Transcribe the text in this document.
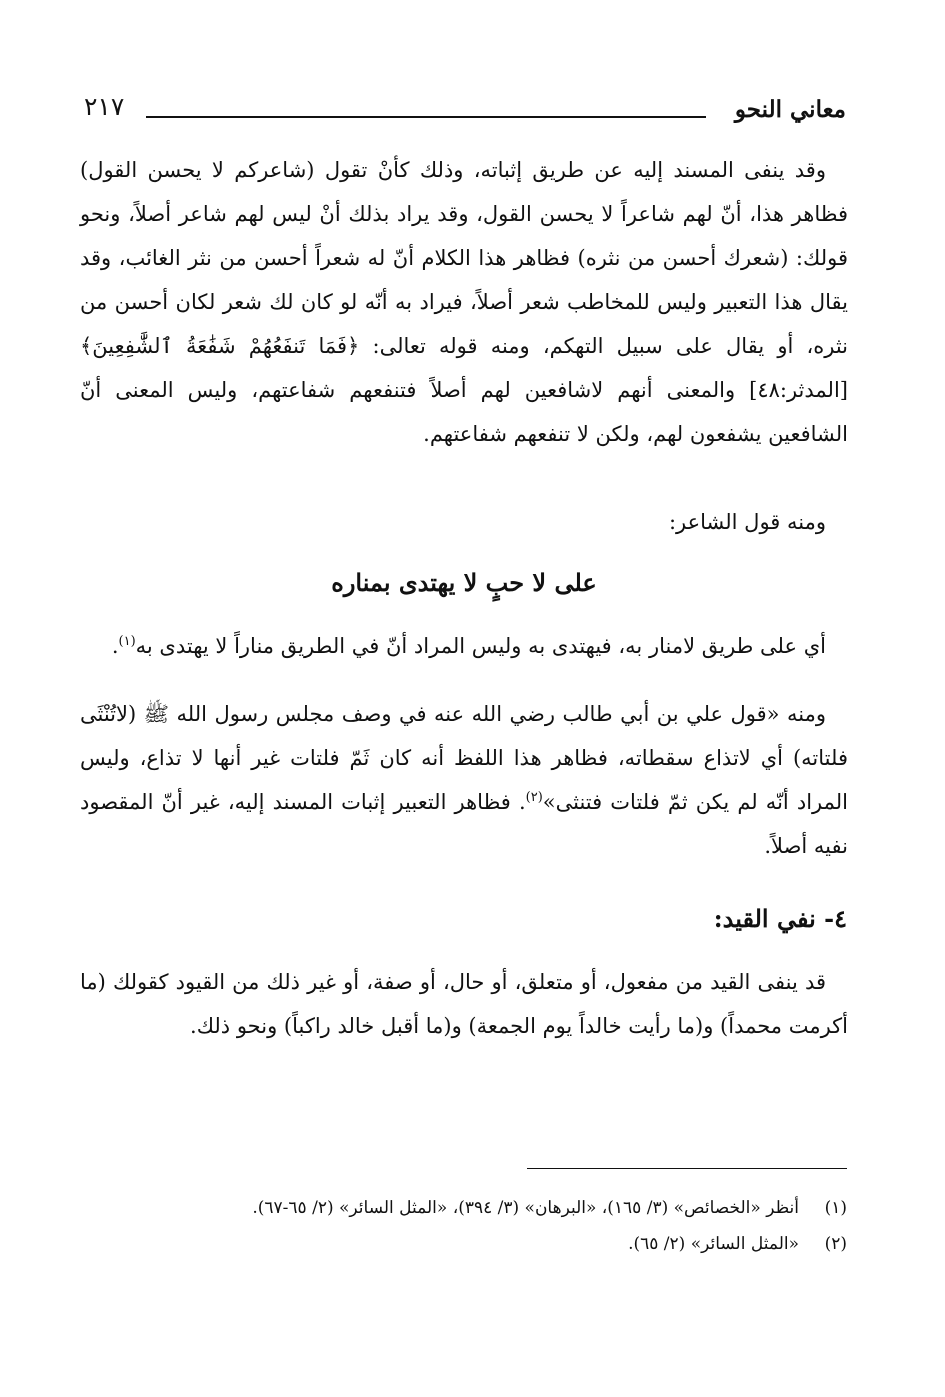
معاني النحو
٢١٧

وقد ينفى المسند إليه عن طريق إثباته، وذلك كأنْ تقول (شاعركم لا يحسن القول) فظاهر هذا، أنّ لهم شاعراً لا يحسن القول، وقد يراد بذلك أنْ ليس لهم شاعر أصلاً، ونحو قولك: (شعرك أحسن من نثره) فظاهر هذا الكلام أنّ له شعراً أحسن من نثر الغائب، وقد يقال هذا التعبير وليس للمخاطب شعر أصلاً، فيراد به أنّه لو كان لك شعر لكان أحسن من نثره، أو يقال على سبيل التهكم، ومنه قوله تعالى: ﴿فَمَا تَنفَعُهُمْ شَفَٰعَةُ ٱلشَّٰفِعِينَ﴾ [المدثر:٤٨] والمعنى أنهم لاشافعين لهم أصلاً فتنفعهم شفاعتهم، وليس المعنى أنّ الشافعين يشفعون لهم، ولكن لا تنفعهم شفاعتهم.

ومنه قول الشاعر:

على لا حبٍ لا يهتدى بمناره

أي على طريق لامنار به، فيهتدى به وليس المراد أنّ في الطريق مناراً لا يهتدى به$^{(١)}$.

ومنه «قول علي بن أبي طالب رضي الله عنه في وصف مجلس رسول الله ﷺ (لاتُنْثَى فلتاته) أي لاتذاع سقطاته، فظاهر هذا اللفظ أنه كان ثَمّ فلتات غير أنها لا تذاع، وليس المراد أنّه لم يكن ثمّ فلتات فتنثى»$^{(٢)}$. فظاهر التعبير إثبات المسند إليه، غير أنّ المقصود نفيه أصلاً.

٤- نفي القيد:

قد ينفى القيد من مفعول، أو متعلق، أو حال، أو صفة، أو غير ذلك من القيود كقولك (ما أكرمت محمداً) و(ما رأيت خالداً يوم الجمعة) و(ما أقبل خالد راكباً) ونحو ذلك.

(١)
أنظر «الخصائص» (٣/ ١٦٥)، «البرهان» (٣/ ٣٩٤)، «المثل السائر» (٢/ ٦٥-٦٧).
(٢)
«المثل السائر» (٢/ ٦٥).
